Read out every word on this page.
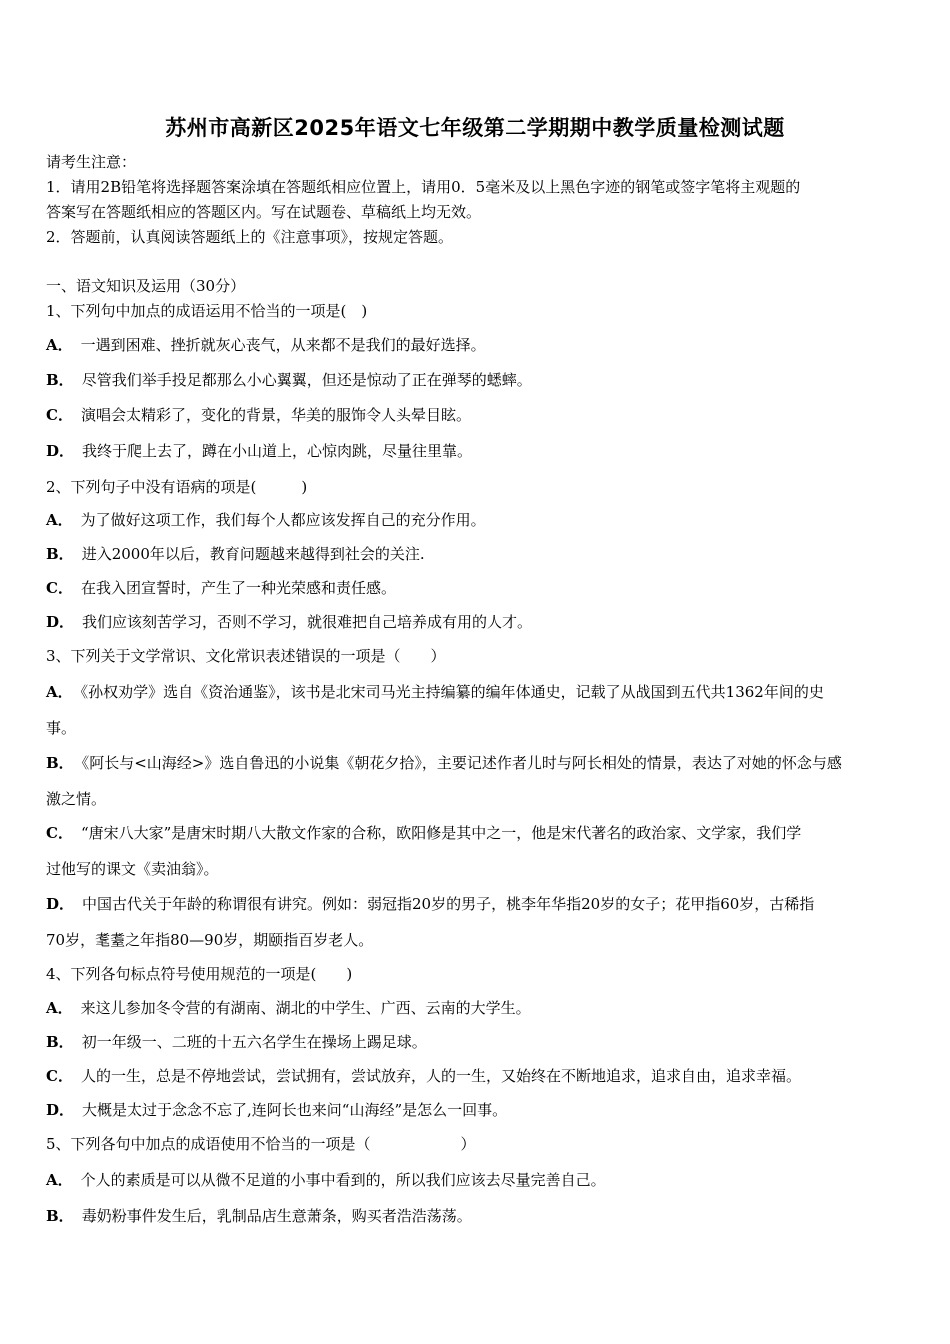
苏州市高新区2025年语文七年级第二学期期中教学质量检测试题
请考生注意：
1．请用2B铅笔将选择题答案涂填在答题纸相应位置上，请用0．5毫米及以上黑色字迹的钢笔或签字笔将主观题的
答案写在答题纸相应的答题区内。写在试题卷、草稿纸上均无效。
2．答题前，认真阅读答题纸上的《注意事项》，按规定答题。
一、语文知识及运用（30分）
1、下列句中加点的成语运用不恰当的一项是(　)
A． 一遇到困难、挫折就灰心丧气，从来都不是我们的最好选择。
B． 尽管我们举手投足都那么小心翼翼，但还是惊动了正在弹琴的蟋蟀。
C． 演唱会太精彩了，变化的背景，华美的服饰令人头晕目眩。
D． 我终于爬上去了，蹲在小山道上，心惊肉跳，尽量往里靠。
2、下列句子中没有语病的项是(　　　)
A． 为了做好这项工作，我们每个人都应该发挥自己的充分作用。
B． 进入2000年以后，教育问题越来越得到社会的关注.
C． 在我入团宣誓时，产生了一种光荣感和责任感。
D． 我们应该刻苦学习，否则不学习，就很难把自己培养成有用的人才。
3、下列关于文学常识、文化常识表述错误的一项是（　　）
A． 《孙权劝学》选自《资治通鉴》，该书是北宋司马光主持编纂的编年体通史，记载了从战国到五代共1362年间的史
事。
B． 《阿长与<山海经>》选自鲁迅的小说集《朝花夕拾》，主要记述作者儿时与阿长相处的情景，表达了对她的怀念与感
激之情。
C． “唐宋八大家”是唐宋时期八大散文作家的合称，欧阳修是其中之一，他是宋代著名的政治家、文学家，我们学
过他写的课文《卖油翁》。
D． 中国古代关于年龄的称谓很有讲究。例如：弱冠指20岁的男子，桃李年华指20岁的女子；花甲指60岁，古稀指
70岁，耄耋之年指80—90岁，期颐指百岁老人。
4、下列各句标点符号使用规范的一项是(　　)
A． 来这儿参加冬令营的有湖南、湖北的中学生、广西、云南的大学生。
B． 初一年级一、二班的十五六名学生在操场上踢足球。
C． 人的一生，总是不停地尝试，尝试拥有，尝试放弃，人的一生，又始终在不断地追求，追求自由，追求幸福。
D． 大概是太过于念念不忘了,连阿长也来问“山海经”是怎么一回事。
5、下列各句中加点的成语使用不恰当的一项是（　　　　　　）
A． 个人的素质是可以从微不足道的小事中看到的，所以我们应该去尽量完善自己。
B． 毒奶粉事件发生后，乳制品店生意萧条，购买者浩浩荡荡。
